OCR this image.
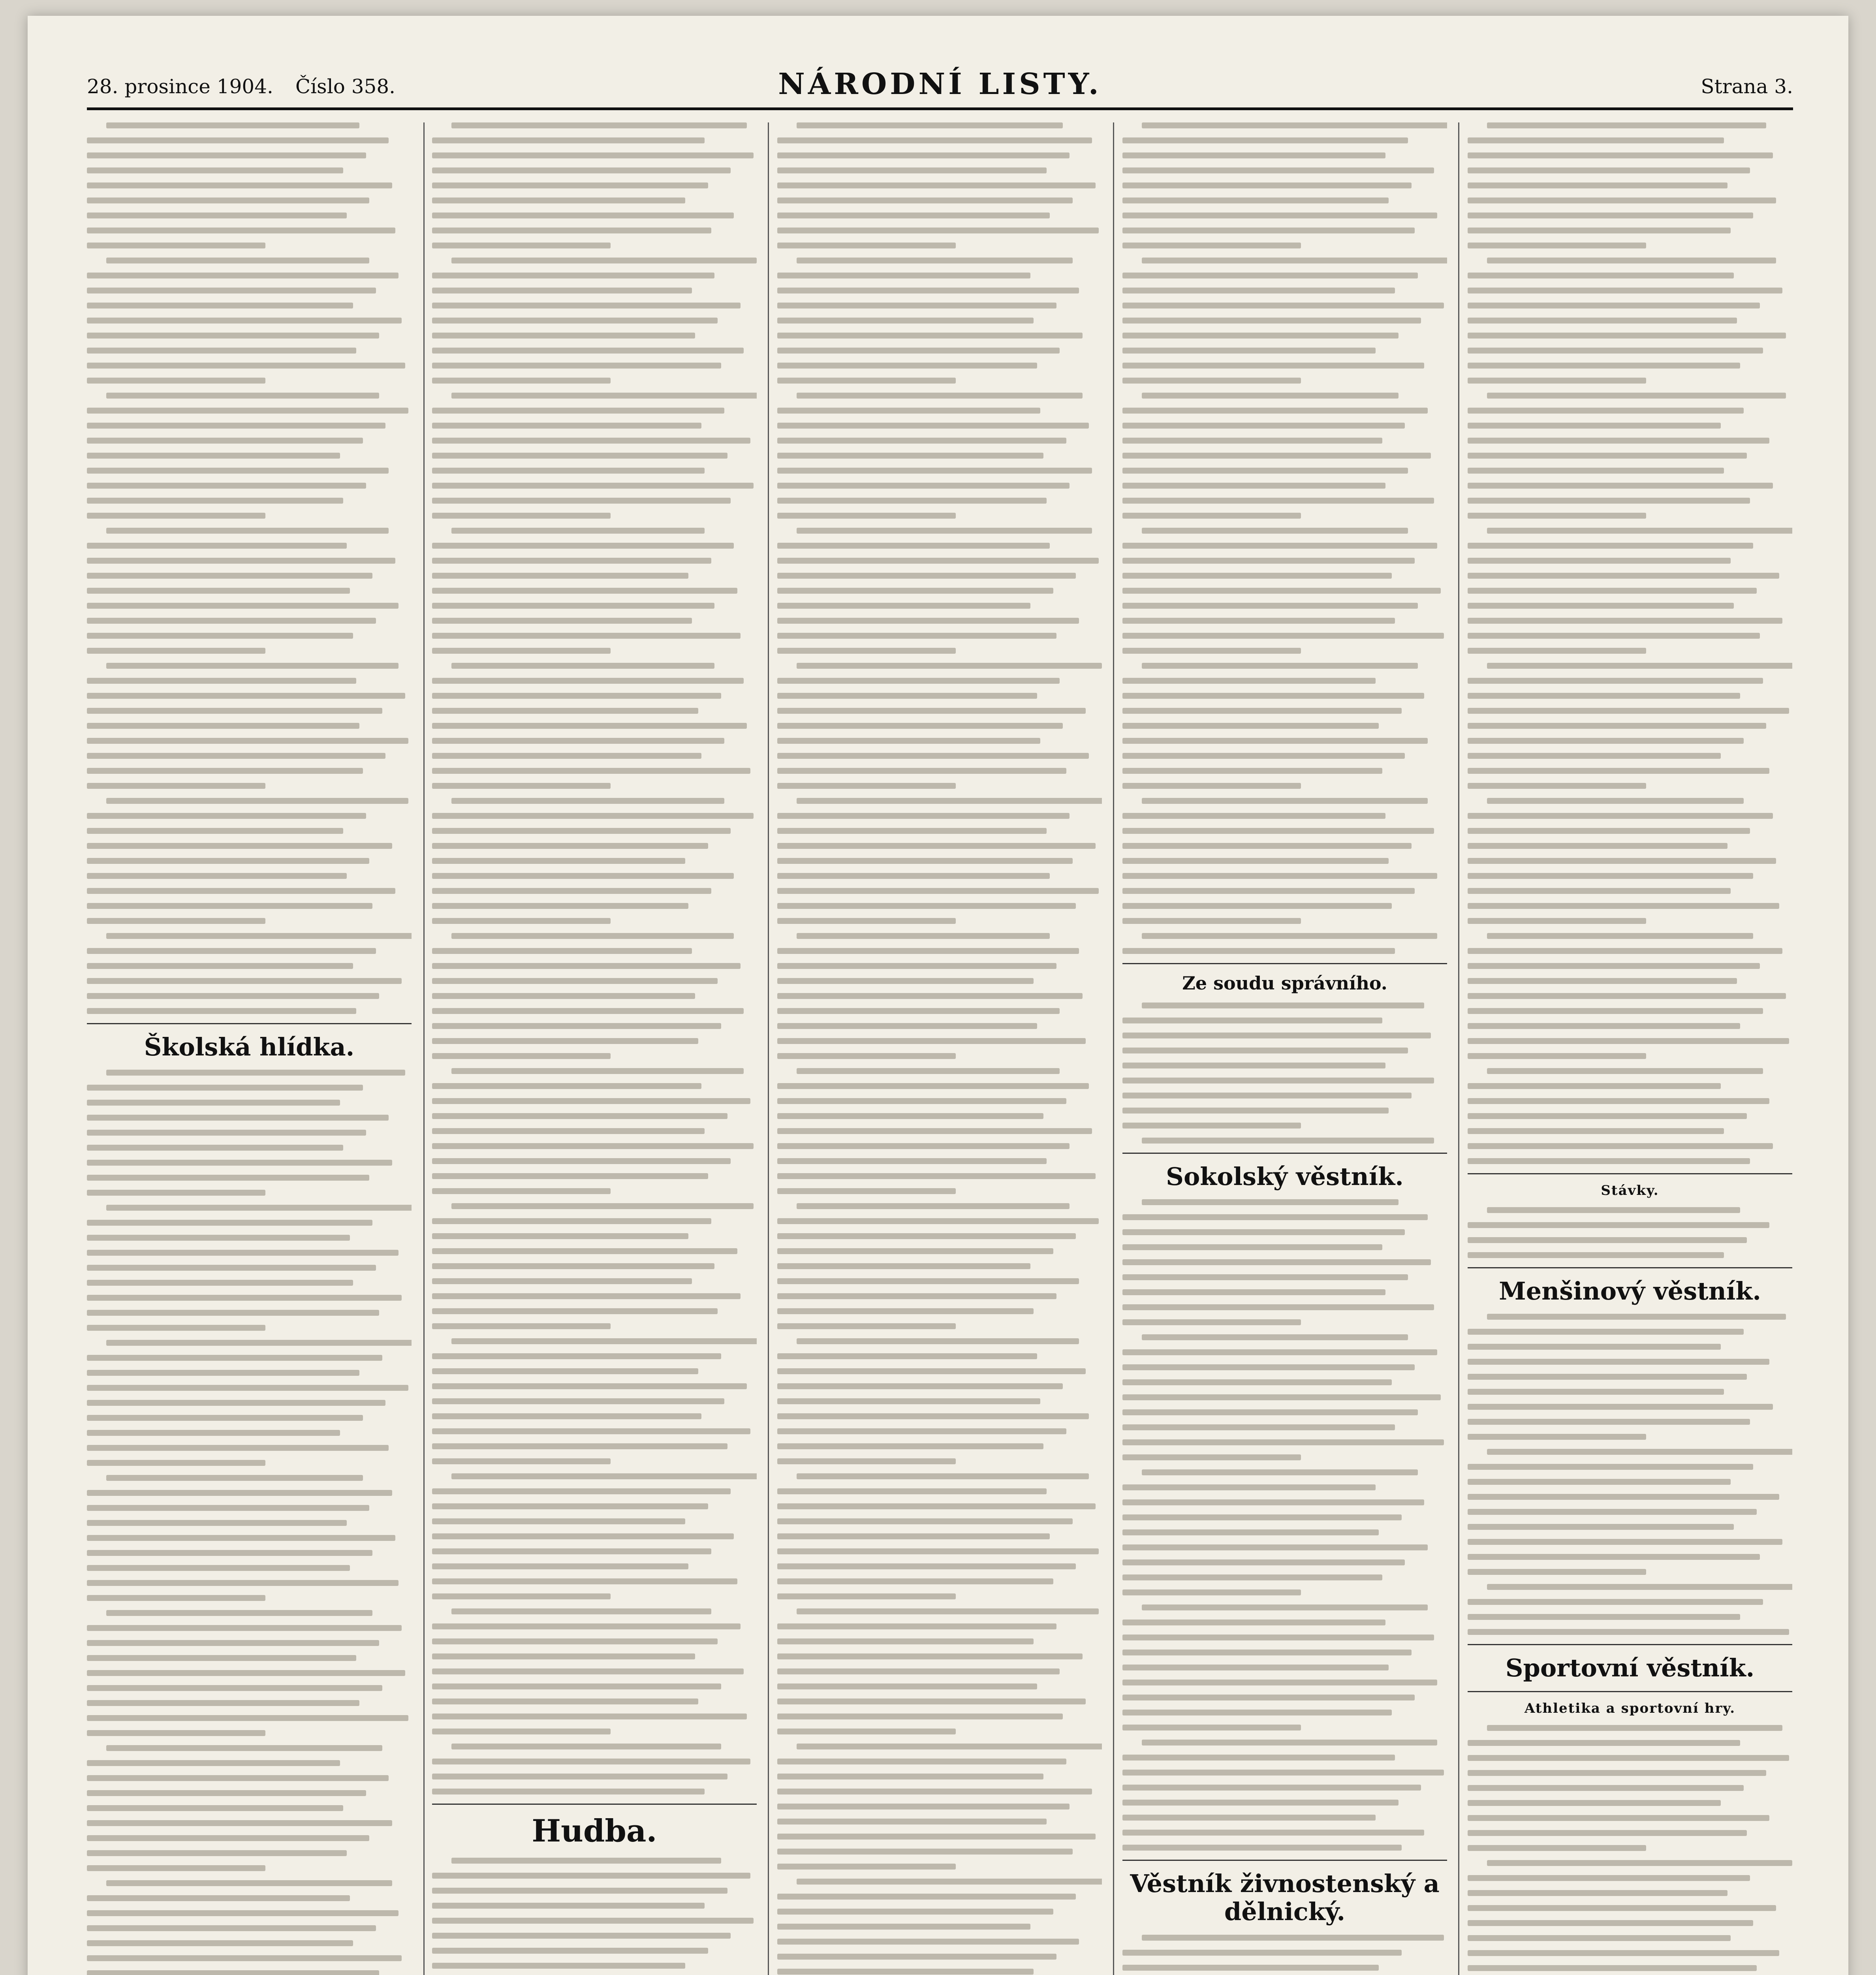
28. prosince 1904. Číslo 358.	NÁRODNÍ LISTY.	Strana 3.
Školská hlídka.
Hudba.
Ze soudu správního.
Sokolský věstník.
Věstník živnostenský a dělnický.
Stávky.
Menšinový věstník.
Sportovní věstník.
Athletika a sportovní hry.
